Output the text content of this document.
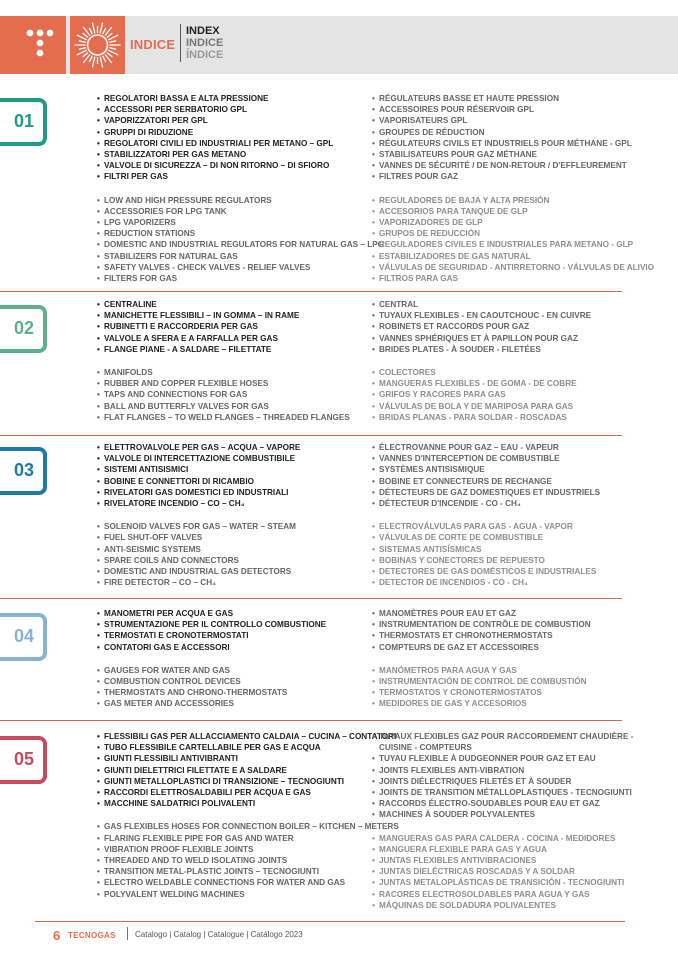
INDICE
INDEX
INDICE
ÍNDICE
01
• REGOLATORI BASSA E ALTA PRESSIONE
• ACCESSORI PER SERBATORIO GPL
• VAPORIZZATORI PER GPL
• GRUPPI DI RIDUZIONE
• REGOLATORI CIVILI ED INDUSTRIALI PER METANO – GPL
• STABILIZZATORI PER GAS METANO
• VALVOLE DI SICUREZZA – DI NON RITORNO – DI SFIORO
• FILTRI PER GAS
• LOW AND HIGH PRESSURE REGULATORS
• ACCESSORIES FOR LPG TANK
• LPG VAPORIZERS
• REDUCTION STATIONS
• DOMESTIC AND INDUSTRIAL REGULATORS FOR NATURAL GAS – LPG
• STABILIZERS FOR NATURAL GAS
• SAFETY VALVES - CHECK VALVES - RELIEF VALVES
• FILTERS FOR GAS
• RÉGULATEURS BASSE ET HAUTE PRESSION
• ACCESSOIRES POUR RÉSERVOIR GPL
• VAPORISATEURS GPL
• GROUPES DE RÉDUCTION
• RÉGULATEURS CIVILS ET INDUSTRIELS POUR MÉTHANE - GPL
• STABILISATEURS POUR GAZ MÉTHANE
• VANNES DE SÉCURITÉ / DE NON-RETOUR / D'EFFLEUREMENT
• FILTRES POUR GAZ
• REGULADORES DE BAJA Y ALTA PRESIÓN
• ACCESORIOS PARA TANQUE DE GLP
• VAPORIZADORES DE GLP
• GRUPOS DE REDUCCIÓN
• REGULADORES CIVILES E INDUSTRIALES PARA METANO - GLP
• ESTABILIZADORES DE GAS NATURAL
• VÁLVULAS DE SEGURIDAD - ANTIRRETORNO - VÁLVULAS DE ALIVIO
• FILTROS PARA GAS
02
• CENTRALINE
• MANICHETTE FLESSIBILI – IN GOMMA – IN RAME
• RUBINETTI E RACCORDERIA PER GAS
• VALVOLE A SFERA E A FARFALLA PER GAS
• FLANGE PIANE - A SALDARE – FILETTATE
• MANIFOLDS
• RUBBER AND COPPER FLEXIBLE HOSES
• TAPS AND CONNECTIONS FOR GAS
• BALL AND BUTTERFLY VALVES FOR GAS
• FLAT FLANGES – TO WELD FLANGES – THREADED FLANGES
• CENTRAL
• TUYAUX FLEXIBLES - EN CAOUTCHOUC - EN CUIVRE
• ROBINETS ET RACCORDS POUR GAZ
• VANNES SPHÉRIQUES ET À PAPILLON POUR GAZ
• BRIDES PLATES - À SOUDER - FILETÉES
• COLECTORES
• MANGUERAS FLEXIBLES - DE GOMA - DE COBRE
• GRIFOS Y RACORES PARA GAS
• VÁLVULAS DE BOLA Y DE MARIPOSA PARA GAS
• BRIDAS PLANAS - PARA SOLDAR - ROSCADAS
03
• ELETTROVALVOLE PER GAS – ACQUA – VAPORE
• VALVOLE DI INTERCETTAZIONE COMBUSTIBILE
• SISTEMI ANTISISMICI
• BOBINE E CONNETTORI DI RICAMBIO
• RIVELATORI GAS DOMESTICI ED INDUSTRIALI
• RIVELATORE INCENDIO – CO – CH₄
• SOLENOID VALVES FOR GAS – WATER – STEAM
• FUEL SHUT-OFF VALVES
• ANTI-SEISMIC SYSTEMS
• SPARE COILS AND CONNECTORS
• DOMESTIC AND INDUSTRIAL GAS DETECTORS
• FIRE DETECTOR – CO – CH₄
• ÉLECTROVANNE POUR GAZ – EAU - VAPEUR
• VANNES D'INTERCEPTION DE COMBUSTIBLE
• SYSTÈMES ANTISISMIQUE
• BOBINE ET CONNECTEURS DE RECHANGE
• DÉTECTEURS DE GAZ DOMESTIQUES ET INDUSTRIELS
• DÉTECTEUR D'INCENDIE - CO - CH₄
• ELECTROVÁLVULAS PARA GAS - AGUA - VAPOR
• VÁLVULAS DE CORTE DE COMBUSTIBLE
• SISTEMAS ANTISÍSMICAS
• BOBINAS Y CONECTORES DE REPUESTO
• DETECTORES DE GAS DOMÉSTICOS E INDUSTRIALES
• DETECTOR DE INCENDIOS - CO - CH₄
04
• MANOMETRI PER ACQUA E GAS
• STRUMENTAZIONE PER IL CONTROLLO COMBUSTIONE
• TERMOSTATI E CRONOTERMOSTATI
• CONTATORI GAS E ACCESSORI
• GAUGES FOR WATER AND GAS
• COMBUSTION CONTROL DEVICES
• THERMOSTATS AND CHRONO-THERMOSTATS
• GAS METER AND ACCESSORIES
• MANOMÈTRES POUR EAU ET GAZ
• INSTRUMENTATION DE CONTRÔLE DE COMBUSTION
• THERMOSTATS ET CHRONOTHERMOSTATS
• COMPTEURS DE GAZ ET ACCESSOIRES
• MANÓMETROS PARA AGUA Y GAS
• INSTRUMENTACIÓN DE CONTROL DE COMBUSTIÓN
• TERMOSTATOS Y CRONOTERMOSTATOS
• MEDIDORES DE GAS Y ACCESORIOS
05
• FLESSIBILI GAS PER ALLACCIAMENTO CALDAIA – CUCINA – CONTATORI
• TUBO FLESSIBILE CARTELLABILE PER GAS E ACQUA
• GIUNTI FLESSIBILI ANTIVIBRANTI
• GIUNTI DIELETTRICI FILETTATE E A SALDARE
• GIUNTI METALLOPLASTICI DI TRANSIZIONE – TECNOGIUNTI
• RACCORDI ELETTROSALDABILI PER ACQUA E GAS
• MACCHINE SALDATRICI POLIVALENTI
• GAS FLEXIBLES HOSES FOR CONNECTION BOILER – KITCHEN – METERS
• FLARING FLEXIBLE PIPE FOR GAS AND WATER
• VIBRATION PROOF FLEXIBLE JOINTS
• THREADED AND TO WELD ISOLATING JOINTS
• TRANSITION METAL-PLASTIC JOINTS – TECNOGIUNTI
• ELECTRO WELDABLE CONNECTIONS FOR WATER AND GAS
• POLYVALENT WELDING MACHINES
• TUYAUX FLEXIBLES GAZ POUR RACCORDEMENT CHAUDIÈRE -
CUISINE - COMPTEURS
• TUYAU FLEXIBLE À DUDGEONNER POUR GAZ ET EAU
• JOINTS FLEXIBLES ANTI-VIBRATION
• JOINTS DIÉLECTRIQUES FILETÉS ET À SOUDER
• JOINTS DE TRANSITION MÉTALLOPLASTIQUES - TECNOGIUNTI
• RACCORDS ÉLECTRO-SOUDABLES POUR EAU ET GAZ
• MACHINES À SOUDER POLYVALENTES
• MANGUERAS GAS PARA CALDERA - COCINA - MEDIDORES
• MANGUERA FLEXIBLE PARA GAS Y AGUA
• JUNTAS FLEXIBLES ANTIVIBRACIONES
• JUNTAS DIELÉCTRICAS ROSCADAS Y A SOLDAR
• JUNTAS METALOPLÁSTICAS DE TRANSICIÓN - TECNOGIUNTI
• RACORES ELECTROSOLDABLES PARA AGUA Y GAS
• MÁQUINAS DE SOLDADURA POLIVALENTES
6 TECNOGAS Catalogo | Catalog | Catalogue | Catálogo 2023
